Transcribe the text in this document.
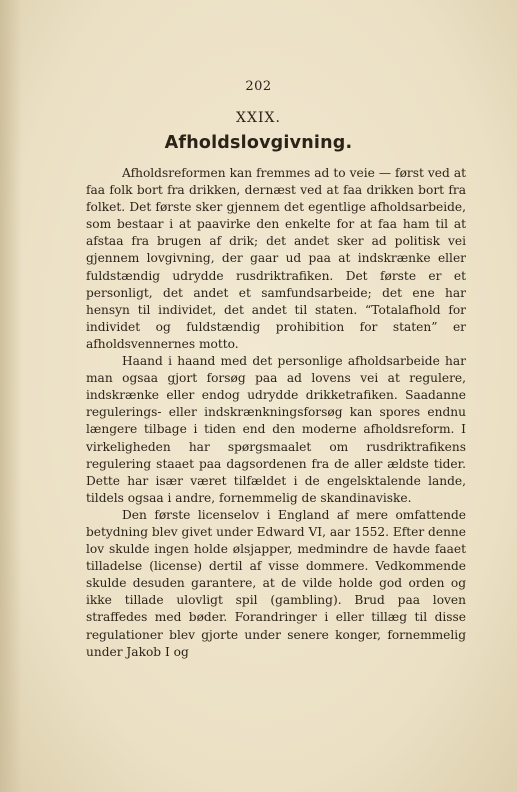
202
XXIX.
Afholdslovgivning.

Afholdsreformen kan fremmes ad to veie — først ved at faa folk bort fra drikken, dernæst ved at faa drikken bort fra folket. Det første sker gjennem det egentlige afholdsarbeide, som bestaar i at paavirke den enkelte for at faa ham til at afstaa fra brugen af drik; det andet sker ad politisk vei gjennem lovgivning, der gaar ud paa at indskrænke eller fuldstændig udrydde rusdriktrafiken. Det første er et personligt, det andet et samfundsarbeide; det ene har hensyn til individet, det andet til staten. “Totalafhold for individet og fuldstændig prohibition for staten” er afholdsvennernes motto.

Haand i haand med det personlige afholdsarbeide har man ogsaa gjort forsøg paa ad lovens vei at regulere, indskrænke eller endog udrydde drikketrafiken. Saadanne regulerings- eller indskrænkningsforsøg kan spores endnu længere tilbage i tiden end den moderne afholdsreform. I virkeligheden har spørgsmaalet om rusdriktrafikens regulering staaet paa dagsordenen fra de aller ældste tider. Dette har især været tilfældet i de engelsktalende lande, tildels ogsaa i andre, fornemmelig de skandinaviske.

Den første licenselov i England af mere omfattende betydning blev givet under Edward VI, aar 1552. Efter denne lov skulde ingen holde ølsjapper, medmindre de havde faaet tilladelse (license) dertil af visse dommere. Vedkommende skulde desuden garantere, at de vilde holde god orden og ikke tillade ulovligt spil (gambling). Brud paa loven straffedes med bøder. Forandringer i eller tillæg til disse regulationer blev gjorte under senere konger, fornemmelig under Jakob I og
